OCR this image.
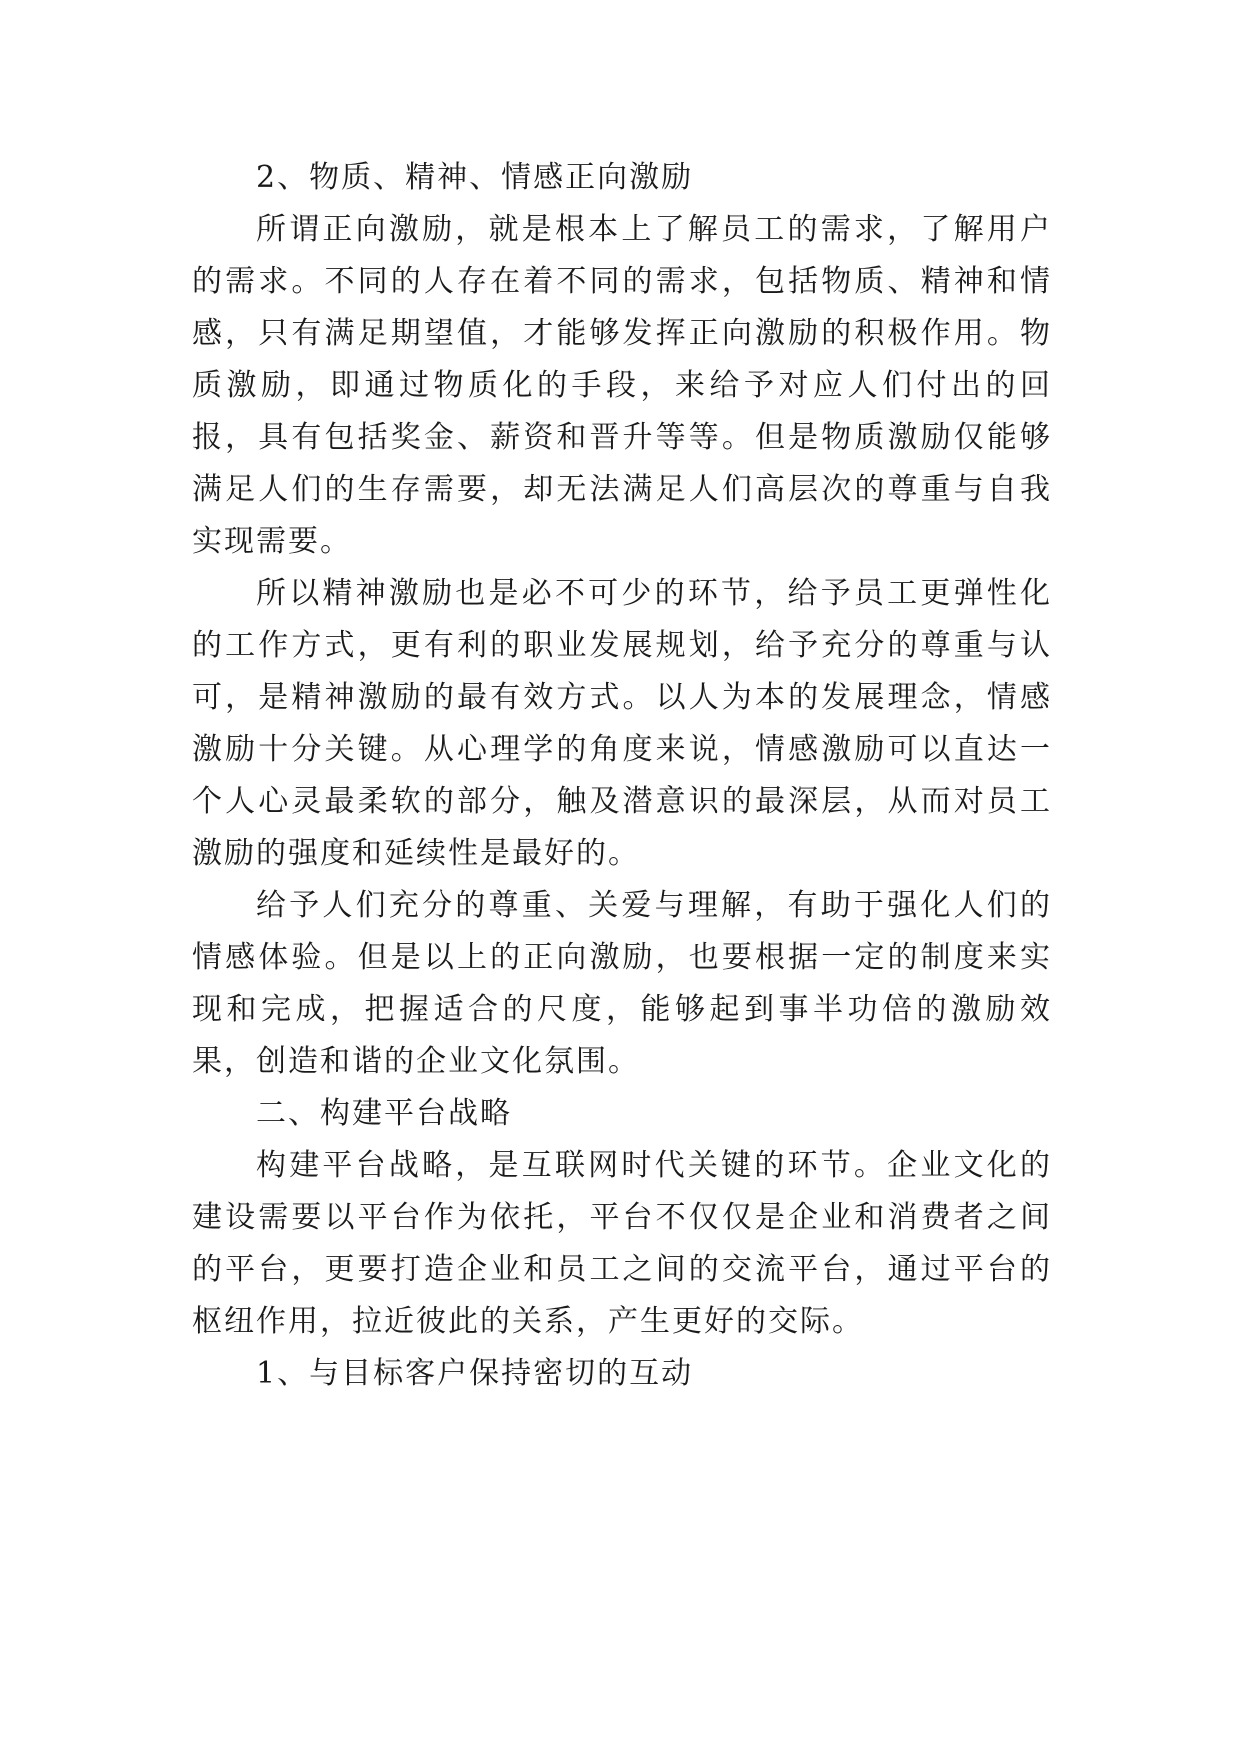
2、物质、精神、情感正向激励

所谓正向激励，就是根本上了解员工的需求，了解用户的需求。不同的人存在着不同的需求，包括物质、精神和情感，只有满足期望值，才能够发挥正向激励的积极作用。物质激励，即通过物质化的手段，来给予对应人们付出的回报，具有包括奖金、薪资和晋升等等。但是物质激励仅能够满足人们的生存需要，却无法满足人们高层次的尊重与自我实现需要。

所以精神激励也是必不可少的环节，给予员工更弹性化的工作方式，更有利的职业发展规划，给予充分的尊重与认可，是精神激励的最有效方式。以人为本的发展理念，情感激励十分关键。从心理学的角度来说，情感激励可以直达一个人心灵最柔软的部分，触及潜意识的最深层，从而对员工激励的强度和延续性是最好的。

给予人们充分的尊重、关爱与理解，有助于强化人们的情感体验。但是以上的正向激励，也要根据一定的制度来实现和完成，把握适合的尺度，能够起到事半功倍的激励效果，创造和谐的企业文化氛围。

二、构建平台战略

构建平台战略，是互联网时代关键的环节。企业文化的建设需要以平台作为依托，平台不仅仅是企业和消费者之间的平台，更要打造企业和员工之间的交流平台，通过平台的枢纽作用，拉近彼此的关系，产生更好的交际。

1、与目标客户保持密切的互动
